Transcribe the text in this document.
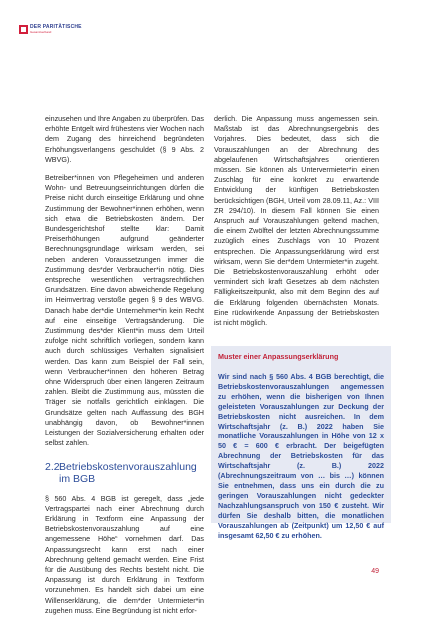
DER PARITÄTISCHE
Gesamtverband

einzusehen und Ihre Angaben zu überprüfen. Das erhöhte Entgelt wird frühestens vier Wochen nach dem Zugang des hinreichend begründeten Erhöhungsverlangens geschuldet (§ 9 Abs. 2 WBVG).

Betreiber*innen von Pflegeheimen und anderen Wohn- und Betreuungseinrichtungen dürfen die Preise nicht durch einseitige Erklärung und ohne Zustimmung der Bewohner*innen erhöhen, wenn sich etwa die Betriebskosten ändern. Der Bundesgerichtshof stellte klar: Damit Preiserhöhungen aufgrund geänderter Berechnungsgrundlage wirksam werden, sei neben anderen Voraussetzungen immer die Zustimmung des*der Verbraucher*in nötig. Dies entspreche wesentlichen vertragsrechtlichen Grundsätzen. Eine davon abweichende Regelung im Heimvertrag verstoße gegen § 9 des WBVG. Danach habe der*die Unternehmer*in kein Recht auf eine einseitige Vertragsänderung. Die Zustimmung des*der Klient*in muss dem Urteil zufolge nicht schriftlich vorliegen, sondern kann auch durch schlüssiges Verhalten signalisiert werden. Das kann zum Beispiel der Fall sein, wenn Verbraucher*innen den höheren Betrag ohne Widerspruch über einen längeren Zeitraum zahlen. Bleibt die Zustimmung aus, müssten die Träger sie notfalls gerichtlich einklagen. Die Grundsätze gelten nach Auffassung des BGH unabhängig davon, ob Bewohner*innen Leistungen der Sozialversicherung erhalten oder selbst zahlen.

2.2.
Betriebskostenvorauszahlung im BGB

§ 560 Abs. 4 BGB ist geregelt, dass „jede Vertragspartei nach einer Abrechnung durch Erklärung in Textform eine Anpassung der Betriebskostenvorauszahlung auf eine angemessene Höhe“ vornehmen darf. Das Anpassungsrecht kann erst nach einer Abrechnung geltend gemacht werden. Eine Frist für die Ausübung des Rechts besteht nicht. Die Anpassung ist durch Erklärung in Textform vorzunehmen. Es handelt sich dabei um eine Willenserklärung, die dem*der Untermieter*in zugehen muss. Eine Begründung ist nicht erfor-

derlich. Die Anpassung muss angemessen sein. Maßstab ist das Abrechnungsergebnis des Vorjahres. Dies bedeutet, dass sich die Vorauszahlungen an der Abrechnung des abgelaufenen Wirtschaftsjahres orientieren müssen. Sie können als Untervermieter*in einen Zuschlag für eine konkret zu erwartende Entwicklung der künftigen Betriebskosten berücksichtigen (BGH, Urteil vom 28.09.11, Az.: VIII ZR 294/10). In diesem Fall können Sie einen Anspruch auf Vorauszahlungen geltend machen, die einem Zwölftel der letzten Abrechnungssumme zuzüglich eines Zuschlags von 10 Prozent entsprechen. Die Anpassungserklärung wird erst wirksam, wenn Sie der*dem Untermieter*in zugeht. Die Betriebskostenvorauszahlung erhöht oder vermindert sich kraft Gesetzes ab dem nächsten Fälligkeitszeitpunkt, also mit dem Beginn des auf die Erklärung folgenden übernächsten Monats. Eine rückwirkende Anpassung der Betriebskosten ist nicht möglich.

Muster einer Anpassungserklärung

Wir sind nach § 560 Abs. 4 BGB berechtigt, die Betriebskostenvorauszahlungen angemessen zu erhöhen, wenn die bisherigen von Ihnen geleisteten Vorauszahlungen zur Deckung der Betriebskosten nicht ausreichen. In dem Wirtschaftsjahr (z. B.) 2022 haben Sie monatliche Vorauszahlungen in Höhe von 12 x 50 € = 600 € erbracht. Der beigefügten Abrechnung der Betriebskosten für das Wirtschaftsjahr (z. B.) 2022 (Abrechnungszeitraum von … bis …) können Sie entnehmen, dass uns ein durch die zu geringen Vorauszahlungen nicht gedeckter Nachzahlungsanspruch von 150 € zusteht. Wir dürfen Sie deshalb bitten, die monatlichen Vorauszahlungen ab (Zeitpunkt) um 12,50 € auf insgesamt 62,50 € zu erhöhen.

49
